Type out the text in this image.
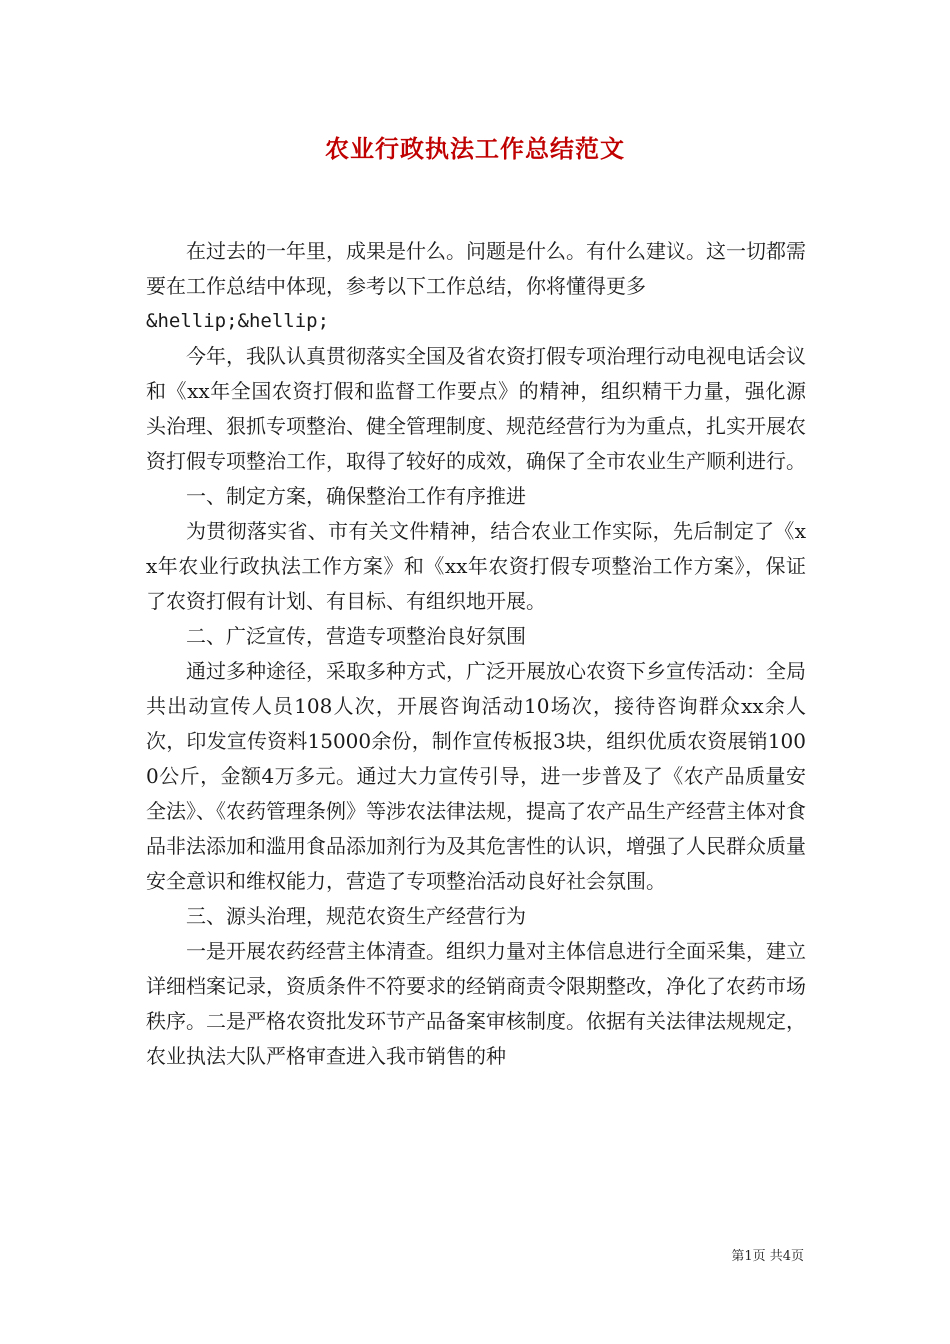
农业行政执法工作总结范文

在过去的一年里，成果是什么。问题是什么。有什么建议。这一切都需要在工作总结中体现，参考以下工作总结，你将懂得更多

&hellip;&hellip;

今年，我队认真贯彻落实全国及省农资打假专项治理行动电视电话会议和《xx年全国农资打假和监督工作要点》的精神，组织精干力量，强化源头治理、狠抓专项整治、健全管理制度、规范经营行为为重点，扎实开展农资打假专项整治工作，取得了较好的成效，确保了全市农业生产顺利进行。

一、制定方案，确保整治工作有序推进

为贯彻落实省、市有关文件精神，结合农业工作实际，先后制定了《xx年农业行政执法工作方案》和《xx年农资打假专项整治工作方案》，保证了农资打假有计划、有目标、有组织地开展。

二、广泛宣传，营造专项整治良好氛围

通过多种途径，采取多种方式，广泛开展放心农资下乡宣传活动：全局共出动宣传人员108人次，开展咨询活动10场次，接待咨询群众xx余人次，印发宣传资料15000余份，制作宣传板报3块，组织优质农资展销1000公斤，金额4万多元。通过大力宣传引导，进一步普及了《农产品质量安全法》、《农药管理条例》等涉农法律法规，提高了农产品生产经营主体对食品非法添加和滥用食品添加剂行为及其危害性的认识，增强了人民群众质量安全意识和维权能力，营造了专项整治活动良好社会氛围。

三、源头治理，规范农资生产经营行为

一是开展农药经营主体清查。组织力量对主体信息进行全面采集，建立详细档案记录，资质条件不符要求的经销商责令限期整改，净化了农药市场秩序。二是严格农资批发环节产品备案审核制度。依据有关法律法规规定，农业执法大队严格审查进入我市销售的种

第1页 共4页
